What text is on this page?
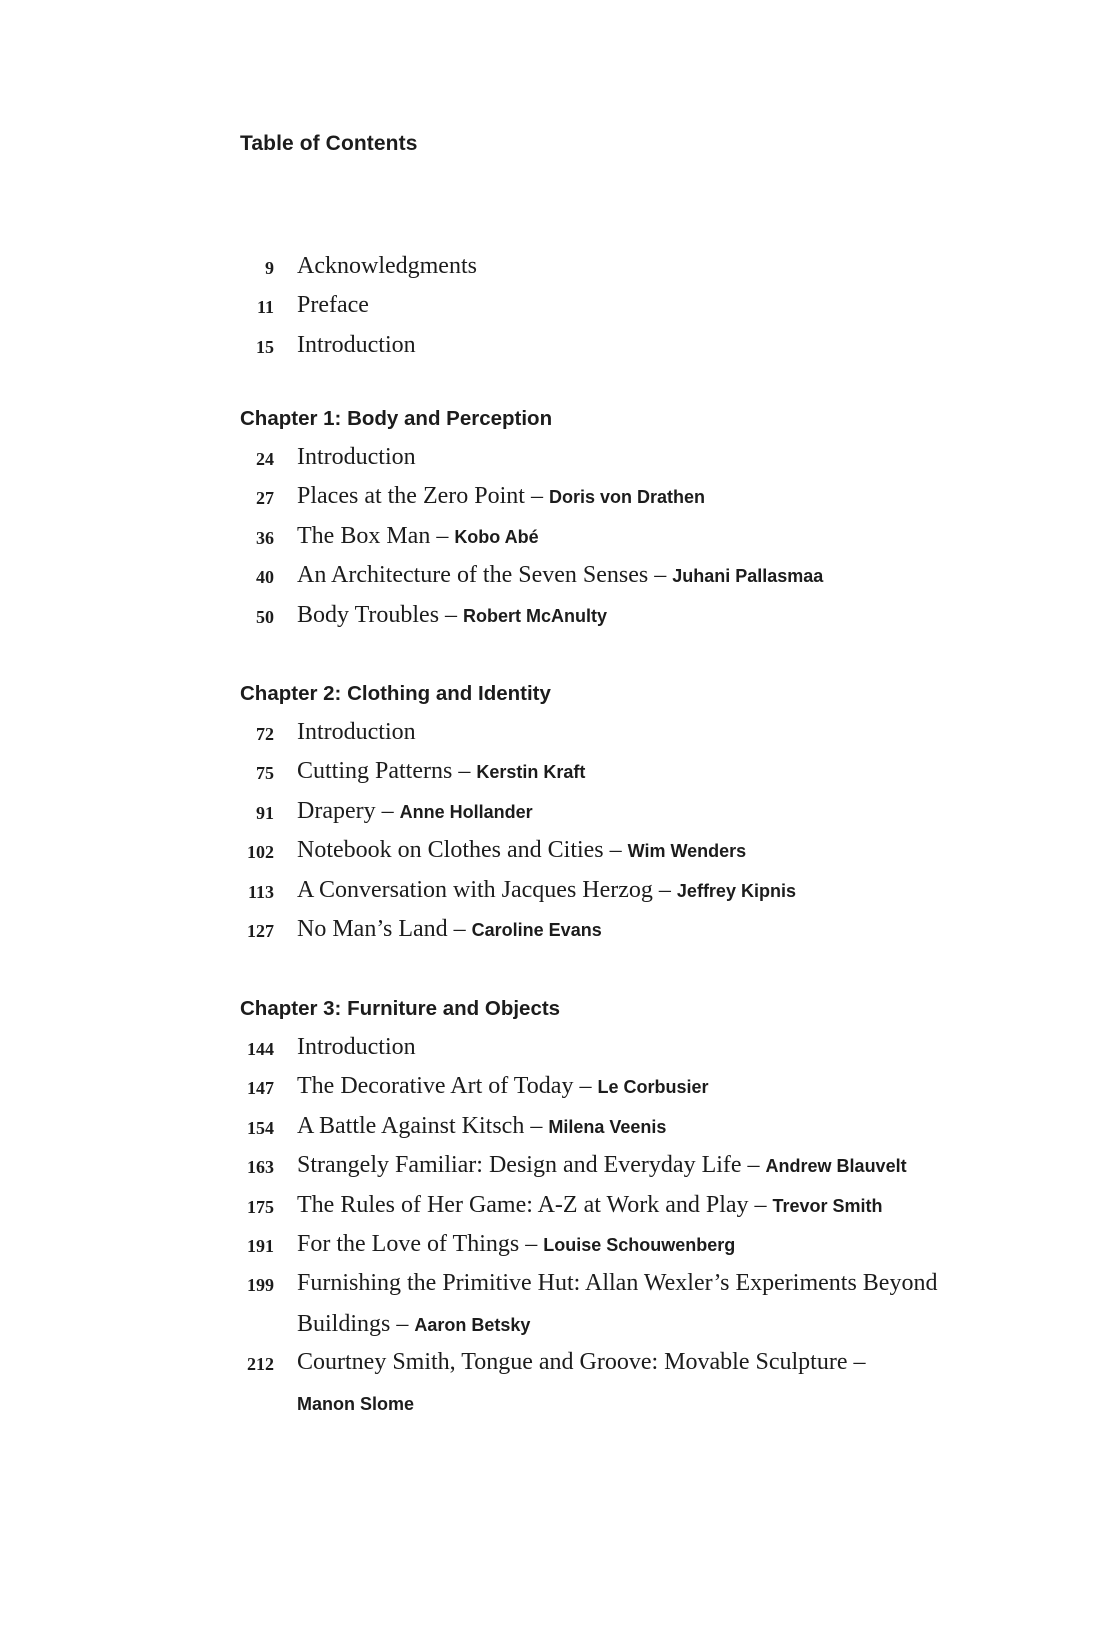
Table of Contents
9 Acknowledgments
11 Preface
15 Introduction
Chapter 1: Body and Perception
24 Introduction
27 Places at the Zero Point – Doris von Drathen
36 The Box Man – Kobo Abé
40 An Architecture of the Seven Senses – Juhani Pallasmaa
50 Body Troubles – Robert McAnulty
Chapter 2: Clothing and Identity
72 Introduction
75 Cutting Patterns – Kerstin Kraft
91 Drapery – Anne Hollander
102 Notebook on Clothes and Cities – Wim Wenders
113 A Conversation with Jacques Herzog – Jeffrey Kipnis
127 No Man’s Land – Caroline Evans
Chapter 3: Furniture and Objects
144 Introduction
147 The Decorative Art of Today – Le Corbusier
154 A Battle Against Kitsch – Milena Veenis
163 Strangely Familiar: Design and Everyday Life – Andrew Blauvelt
175 The Rules of Her Game: A-Z at Work and Play – Trevor Smith
191 For the Love of Things – Louise Schouwenberg
199 Furnishing the Primitive Hut: Allan Wexler’s Experiments Beyond Buildings – Aaron Betsky
212 Courtney Smith, Tongue and Groove: Movable Sculpture – Manon Slome
